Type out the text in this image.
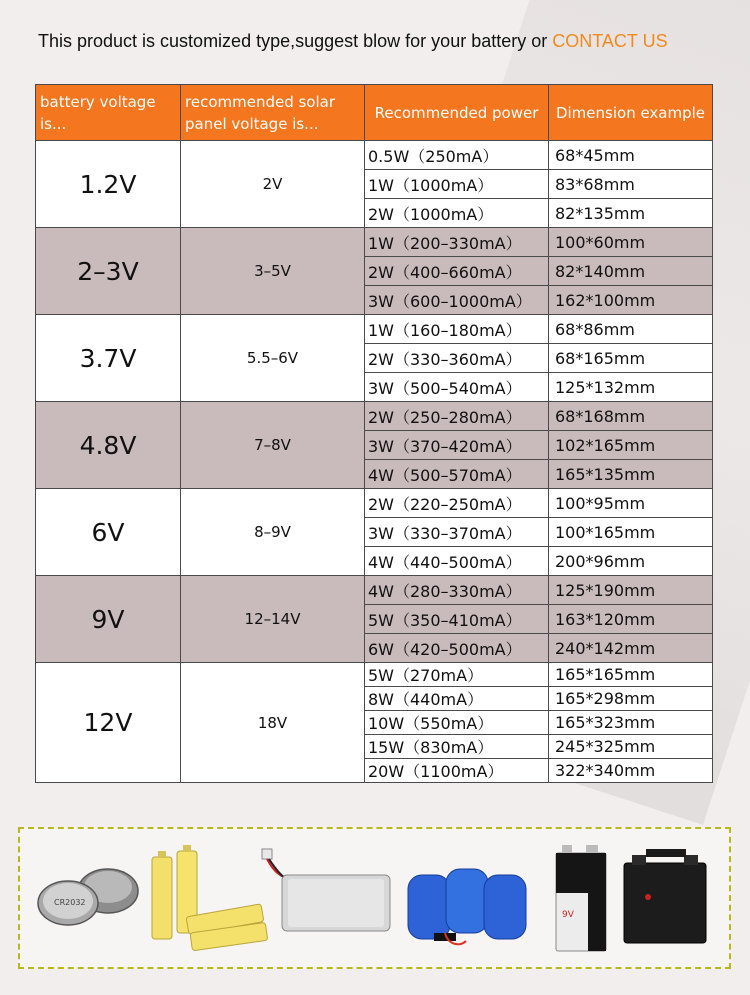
This product is customized type,suggest blow for your battery or CONTACT US
battery voltage is...	recommended solar panel voltage is...	Recommended power	Dimension example
1.2V	2V	0.5W（250mA）	68*45mm
		1W（1000mA）	83*68mm
		2W（1000mA）	82*135mm
2–3V	3–5V	1W（200–330mA）	100*60mm
		2W（400–660mA）	82*140mm
		3W（600–1000mA）	162*100mm
3.7V	5.5–6V	1W（160–180mA）	68*86mm
		2W（330–360mA）	68*165mm
		3W（500–540mA）	125*132mm
4.8V	7–8V	2W（250–280mA）	68*168mm
		3W（370–420mA）	102*165mm
		4W（500–570mA）	165*135mm
6V	8–9V	2W（220–250mA）	100*95mm
		3W（330–370mA）	100*165mm
		4W（440–500mA）	200*96mm
9V	12–14V	4W（280–330mA）	125*190mm
		5W（350–410mA）	163*120mm
		6W（420–500mA）	240*142mm
12V	18V	5W（270mA）	165*165mm
		8W（440mA）	165*298mm
		10W（550mA）	165*323mm
		15W（830mA）	245*325mm
		20W（1100mA）	322*340mm
CR2032
9V
